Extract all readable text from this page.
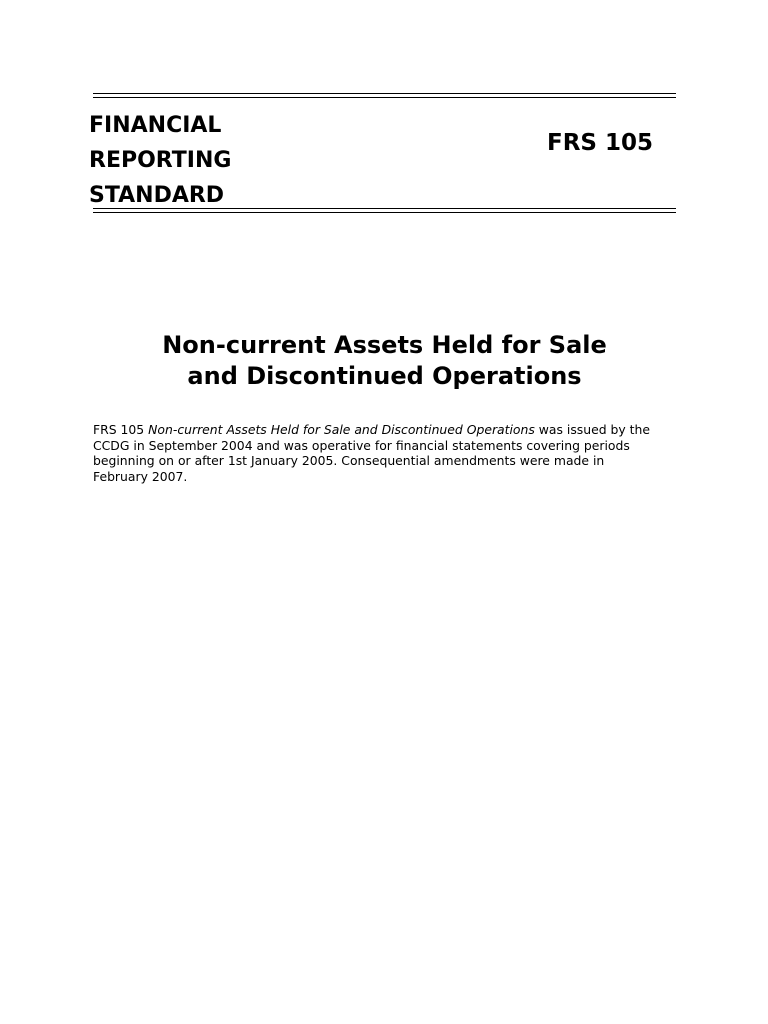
FINANCIAL
REPORTING
STANDARD
FRS 105
Non-current Assets Held for Sale
and Discontinued Operations
FRS 105 Non-current Assets Held for Sale and Discontinued Operations was issued by the
CCDG in September 2004 and was operative for financial statements covering periods
beginning on or after 1st January 2005. Consequential amendments were made in
February 2007.
